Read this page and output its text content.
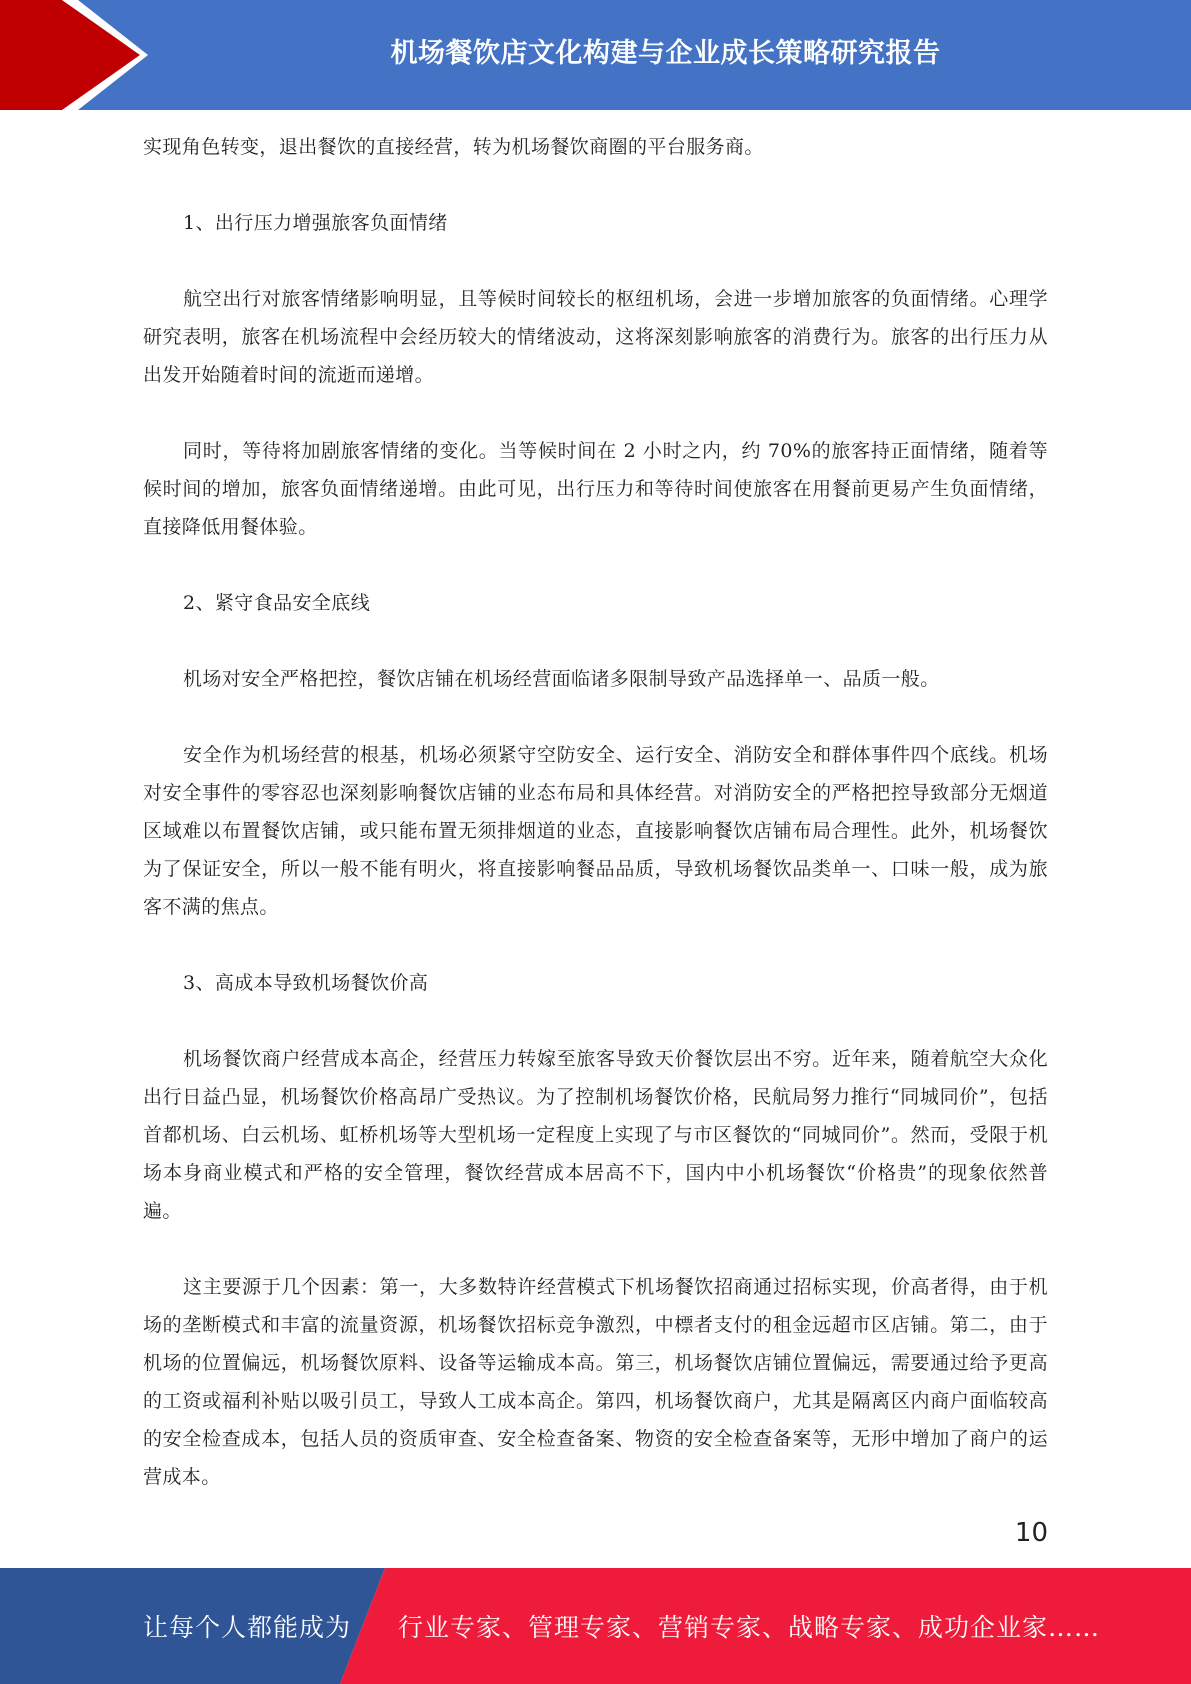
机场餐饮店文化构建与企业成长策略研究报告

实现角色转变，退出餐饮的直接经营，转为机场餐饮商圈的平台服务商。

1、出行压力增强旅客负面情绪

航空出行对旅客情绪影响明显，且等候时间较长的枢纽机场，会进一步增加旅客的负面情绪。心理学研究表明，旅客在机场流程中会经历较大的情绪波动，这将深刻影响旅客的消费行为。旅客的出行压力从出发开始随着时间的流逝而递增。

同时，等待将加剧旅客情绪的变化。当等候时间在 2 小时之内，约 70%的旅客持正面情绪，随着等候时间的增加，旅客负面情绪递增。由此可见，出行压力和等待时间使旅客在用餐前更易产生负面情绪，直接降低用餐体验。

2、紧守食品安全底线

机场对安全严格把控，餐饮店铺在机场经营面临诸多限制导致产品选择单一、品质一般。

安全作为机场经营的根基，机场必须紧守空防安全、运行安全、消防安全和群体事件四个底线。机场对安全事件的零容忍也深刻影响餐饮店铺的业态布局和具体经营。对消防安全的严格把控导致部分无烟道区域难以布置餐饮店铺，或只能布置无须排烟道的业态，直接影响餐饮店铺布局合理性。此外，机场餐饮为了保证安全，所以一般不能有明火，将直接影响餐品品质，导致机场餐饮品类单一、口味一般，成为旅客不满的焦点。

3、高成本导致机场餐饮价高

机场餐饮商户经营成本高企，经营压力转嫁至旅客导致天价餐饮层出不穷。近年来，随着航空大众化出行日益凸显，机场餐饮价格高昂广受热议。为了控制机场餐饮价格，民航局努力推行“同城同价”，包括首都机场、白云机场、虹桥机场等大型机场一定程度上实现了与市区餐饮的“同城同价”。然而，受限于机场本身商业模式和严格的安全管理，餐饮经营成本居高不下，国内中小机场餐饮“价格贵”的现象依然普遍。

这主要源于几个因素：第一，大多数特许经营模式下机场餐饮招商通过招标实现，价高者得，由于机场的垄断模式和丰富的流量资源，机场餐饮招标竞争激烈，中標者支付的租金远超市区店铺。第二，由于机场的位置偏远，机场餐饮原料、设备等运输成本高。第三，机场餐饮店铺位置偏远，需要通过给予更高的工资或福利补贴以吸引员工，导致人工成本高企。第四，机场餐饮商户，尤其是隔离区内商户面临较高的安全检查成本，包括人员的资质审查、安全检查备案、物资的安全检查备案等，无形中增加了商户的运营成本。

10
让每个人都能成为 行业专家、管理专家、营销专家、战略专家、成功企业家……
